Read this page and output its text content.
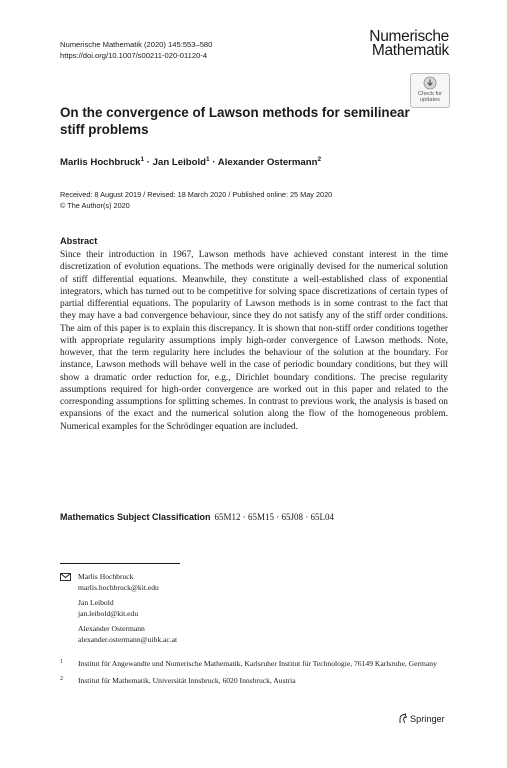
Numerische Mathematik (2020) 145:553–580
https://doi.org/10.1007/s00211-020-01120-4
Numerische
Mathematik
Check for
updates
On the convergence of Lawson methods for semilinear stiff problems
Marlis Hochbruck$^1$ · Jan Leibold$^1$ · Alexander Ostermann$^2$
Received: 8 August 2019 / Revised: 18 March 2020 / Published online: 25 May 2020
© The Author(s) 2020
Abstract

Since their introduction in 1967, Lawson methods have achieved constant interest in the time discretization of evolution equations. The methods were originally devised for the numerical solution of stiff differential equations. Meanwhile, they constitute a well-established class of exponential integrators, which has turned out to be competitive for solving space discretizations of certain types of partial differential equations. The popularity of Lawson methods is in some contrast to the fact that they may have a bad convergence behaviour, since they do not satisfy any of the stiff order conditions. The aim of this paper is to explain this discrepancy. It is shown that non-stiff order conditions together with appropriate regularity assumptions imply high-order convergence of Lawson methods. Note, however, that the term regularity here includes the behaviour of the solution at the boundary. For instance, Lawson methods will behave well in the case of periodic boundary conditions, but they will show a dramatic order reduction for, e.g., Dirichlet boundary conditions. The precise regularity assumptions required for high-order convergence are worked out in this paper and related to the corresponding assumptions for splitting schemes. In contrast to previous work, the analysis is based on expansions of the exact and the numerical solution along the flow of the homogeneous problem. Numerical examples for the Schrödinger equation are included.

Mathematics Subject Classification 65M12 · 65M15 · 65J08 · 65L04
Marlis Hochbruck
marlis.hochbruck@kit.edu
Jan Leibold
jan.leibold@kit.edu
Alexander Ostermann
alexander.ostermann@uibk.ac.at
1 Institut für Angewandte und Numerische Mathematik, Karlsruher Institut für Technologie, 76149 Karlsruhe, Germany
2 Institut für Mathematik, Universität Innsbruck, 6020 Innsbruck, Austria
Springer
